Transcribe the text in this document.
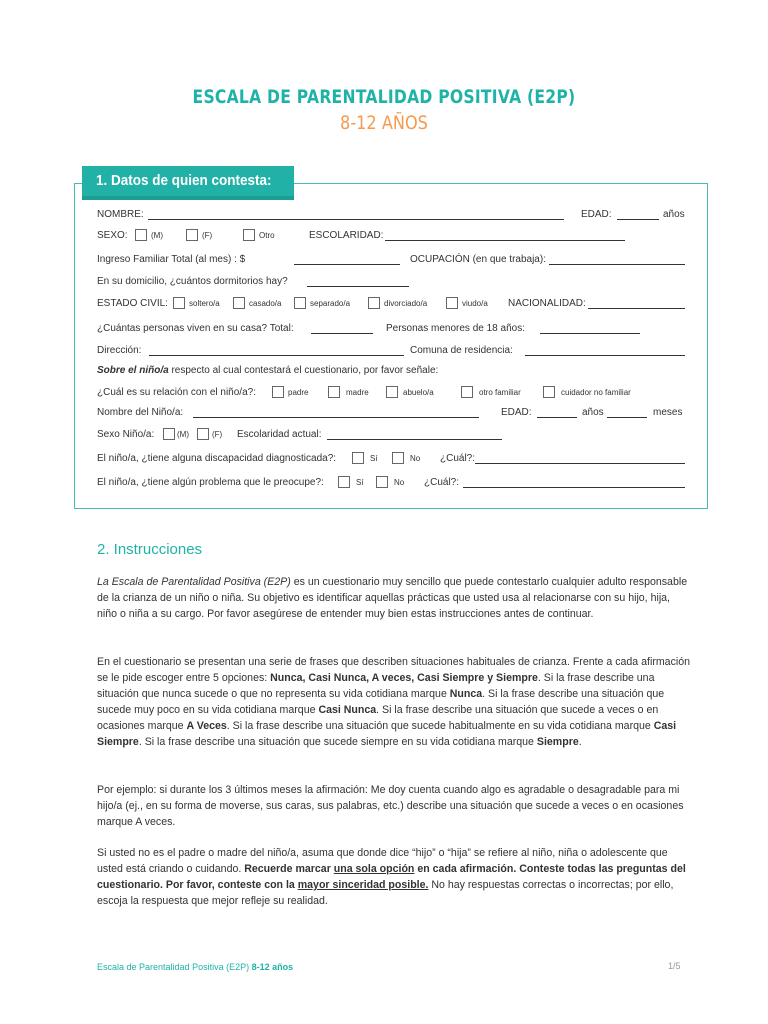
ESCALA DE PARENTALIDAD POSITIVA (E2P)
8-12 AÑOS
1. Datos de quien contesta:
NOMBRE:	EDAD:	años
SEXO:	(M)	(F)	Otro	ESCOLARIDAD:
Ingreso Familiar Total (al mes) : $	OCUPACIÓN (en que trabaja):
En su domicilio, ¿cuántos dormitorios hay?
ESTADO CIVIL:	soltero/a	casado/a	separado/a	divorciado/a	viudo/a NACIONALIDAD:
¿Cuántas personas viven en su casa? Total:	Personas menores de 18 años:
Dirección:	Comuna de residencia:
Sobre el niño/a respecto al cual contestará el cuestionario, por favor señale:
¿Cuál es su relación con el niño/a?:	padre	madre	abuelo/a	otro familiar	cuidador no familiar
Nombre del Niño/a:	EDAD:	años	meses
Sexo Niño/a:	(M)	(F) Escolaridad actual:
El niño/a, ¿tiene alguna discapacidad diagnosticada?:	Sí	No ¿Cuál?:
El niño/a, ¿tiene algún problema que le preocupe?:	Sí	No ¿Cuál?:
2. Instrucciones
La Escala de Parentalidad Positiva (E2P) es un cuestionario muy sencillo que puede contestarlo cualquier adulto responsable de la crianza de un niño o niña. Su objetivo es identificar aquellas prácticas que usted usa al relacionarse con su hijo, hija, niño o niña a su cargo. Por favor asegúrese de entender muy bien estas instrucciones antes de continuar.
En el cuestionario se presentan una serie de frases que describen situaciones habituales de crianza. Frente a cada afirmación se le pide escoger entre 5 opciones: Nunca, Casi Nunca, A veces, Casi Siempre y Siempre. Si la frase describe una situación que nunca sucede o que no representa su vida cotidiana marque Nunca. Si la frase describe una situación que sucede muy poco en su vida cotidiana marque Casi Nunca. Si la frase describe una situación que sucede a veces o en ocasiones marque A Veces. Si la frase describe una situación que sucede habitualmente en su vida cotidiana marque Casi Siempre. Si la frase describe una situación que sucede siempre en su vida cotidiana marque Siempre.
Por ejemplo: si durante los 3 últimos meses la afirmación: Me doy cuenta cuando algo es agradable o desagradable para mi hijo/a (ej., en su forma de moverse, sus caras, sus palabras, etc.) describe una situación que sucede a veces o en ocasiones marque A veces.
Si usted no es el padre o madre del niño/a, asuma que donde dice “hijo” o “hija” se refiere al niño, niña o adolescente que usted está criando o cuidando. Recuerde marcar una sola opción en cada afirmación. Conteste todas las preguntas del cuestionario. Por favor, conteste con la mayor sinceridad posible. No hay respuestas correctas o incorrectas; por ello, escoja la respuesta que mejor refleje su realidad.
Escala de Parentalidad Positiva (E2P) 8-12 años	1/5
